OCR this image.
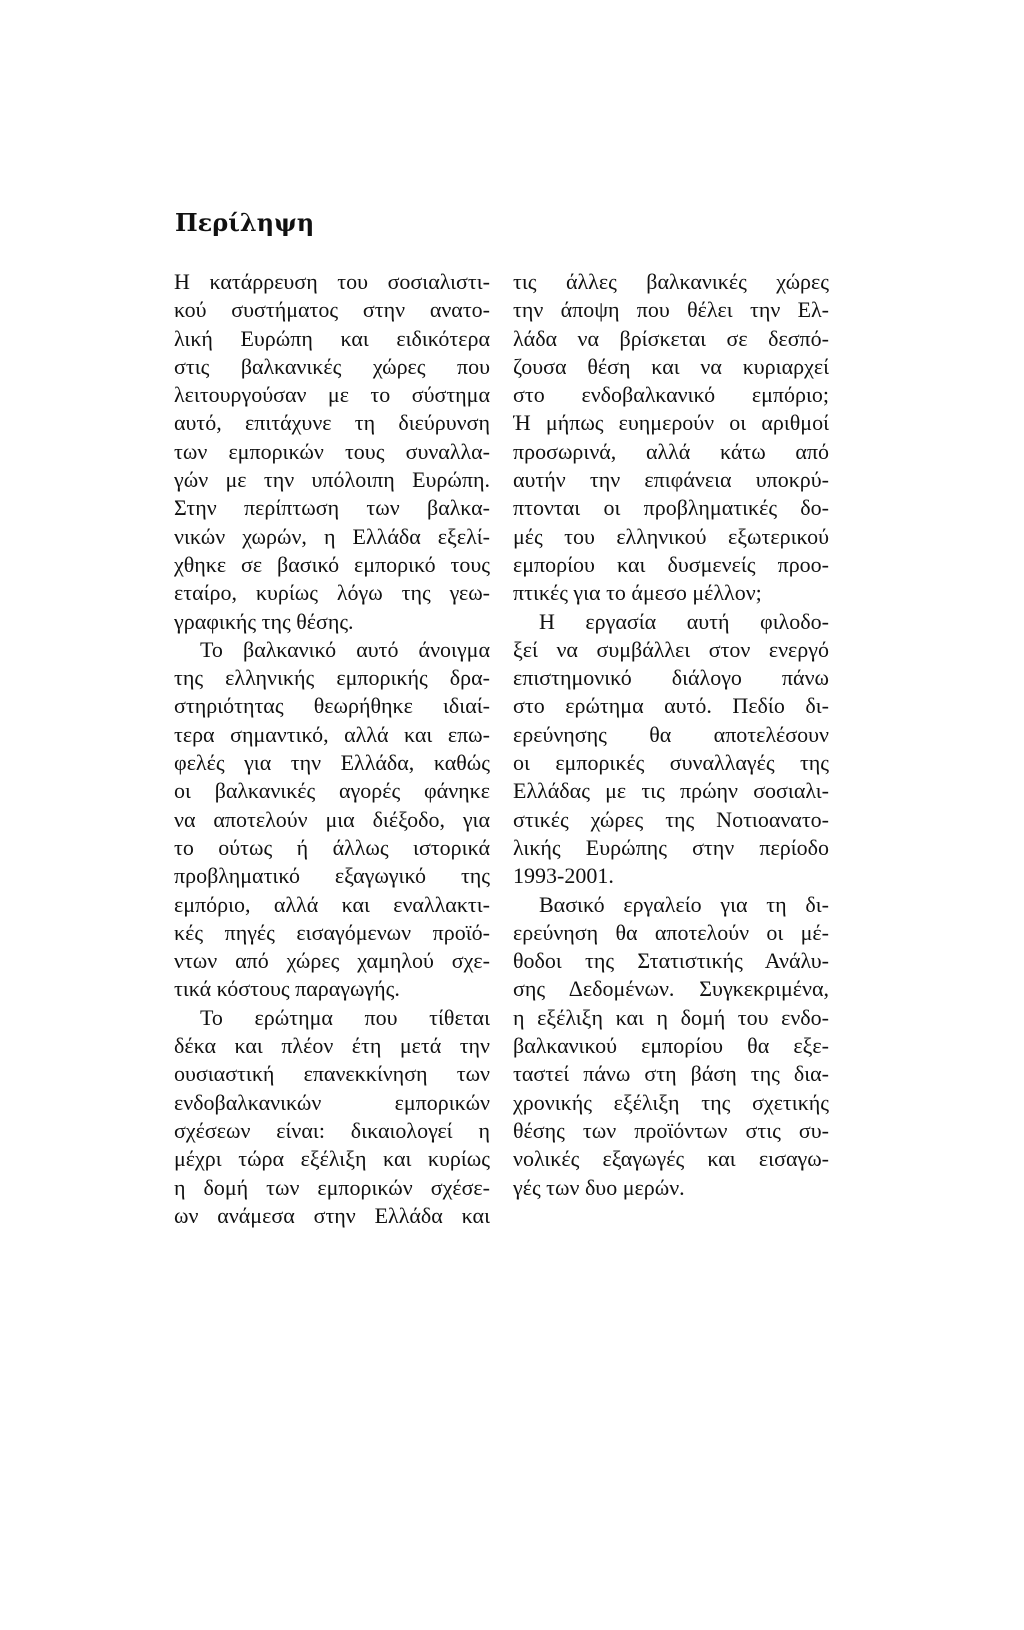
Περίληψη
Η κατάρρευση του σοσιαλιστι-
κού συστήματος στην ανατο-
λική Ευρώπη και ειδικότερα
στις βαλκανικές χώρες που
λειτουργούσαν με το σύστημα
αυτό, επιτάχυνε τη διεύρυνση
των εμπορικών τους συναλλα-
γών με την υπόλοιπη Ευρώπη.
Στην περίπτωση των βαλκα-
νικών χωρών, η Ελλάδα εξελί-
χθηκε σε βασικό εμπορικό τους
εταίρο, κυρίως λόγω της γεω-
γραφικής της θέσης.
Το βαλκανικό αυτό άνοιγμα
της ελληνικής εμπορικής δρα-
στηριότητας θεωρήθηκε ιδιαί-
τερα σημαντικό, αλλά και επω-
φελές για την Ελλάδα, καθώς
οι βαλκανικές αγορές φάνηκε
να αποτελούν μια διέξοδο, για
το ούτως ή άλλως ιστορικά
προβληματικό εξαγωγικό της
εμπόριο, αλλά και εναλλακτι-
κές πηγές εισαγόμενων προϊό-
ντων από χώρες χαμηλού σχε-
τικά κόστους παραγωγής.
Το ερώτημα που τίθεται
δέκα και πλέον έτη μετά την
ουσιαστική επανεκκίνηση των
ενδοβαλκανικών εμπορικών
σχέσεων είναι: δικαιολογεί η
μέχρι τώρα εξέλιξη και κυρίως
η δομή των εμπορικών σχέσε-
ων ανάμεσα στην Ελλάδα και
τις άλλες βαλκανικές χώρες
την άποψη που θέλει την Ελ-
λάδα να βρίσκεται σε δεσπό-
ζουσα θέση και να κυριαρχεί
στο ενδοβαλκανικό εμπόριο;
Ή μήπως ευημερούν οι αριθμοί
προσωρινά, αλλά κάτω από
αυτήν την επιφάνεια υποκρύ-
πτονται οι προβληματικές δο-
μές του ελληνικού εξωτερικού
εμπορίου και δυσμενείς προο-
πτικές για το άμεσο μέλλον;
Η εργασία αυτή φιλοδο-
ξεί να συμβάλλει στον ενεργό
επιστημονικό διάλογο πάνω
στο ερώτημα αυτό. Πεδίο δι-
ερεύνησης θα αποτελέσουν
οι εμπορικές συναλλαγές της
Ελλάδας με τις πρώην σοσιαλι-
στικές χώρες της Νοτιοανατο-
λικής Ευρώπης στην περίοδο
1993-2001.
Βασικό εργαλείο για τη δι-
ερεύνηση θα αποτελούν οι μέ-
θοδοι της Στατιστικής Ανάλυ-
σης Δεδομένων. Συγκεκριμένα,
η εξέλιξη και η δομή του ενδο-
βαλκανικού εμπορίου θα εξε-
ταστεί πάνω στη βάση της δια-
χρονικής εξέλιξη της σχετικής
θέσης των προϊόντων στις συ-
νολικές εξαγωγές και εισαγω-
γές των δυο μερών.
